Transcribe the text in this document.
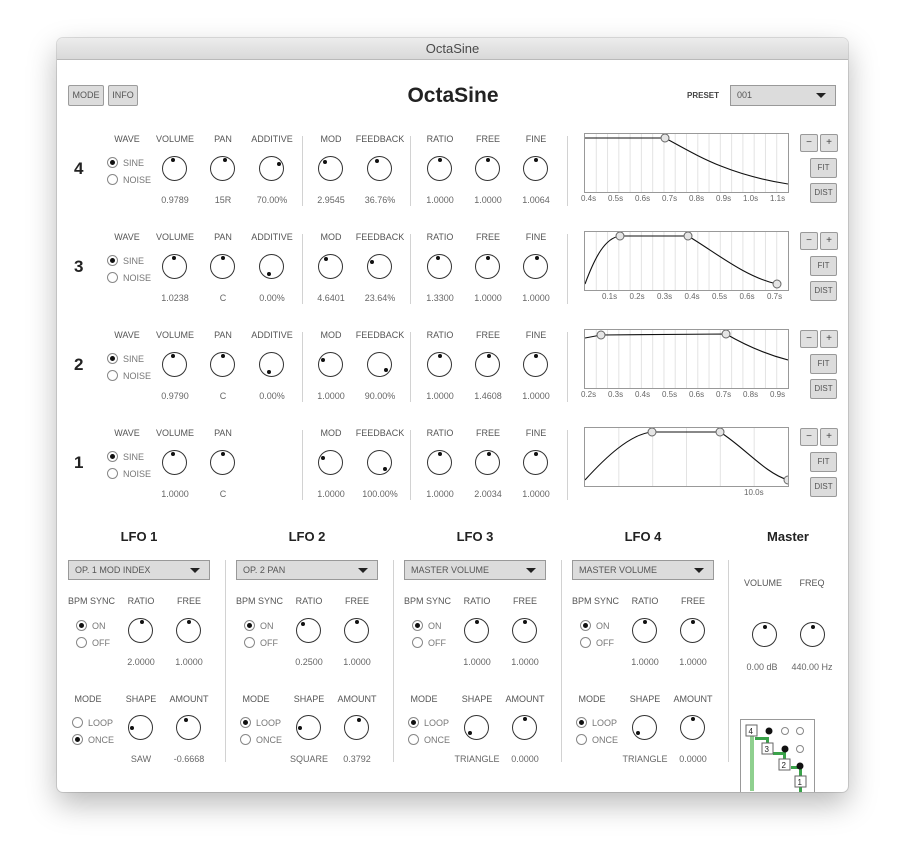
OctaSine
MODE	INFO	OctaSine	PRESET	001
4
WAVE
SINE
NOISE
VOLUME
0.9789
PAN
15R
ADDITIVE
70.00%
MOD
2.9545
FEEDBACK
36.76%
RATIO
1.0000
FREE
1.0000
FINE
1.0064	0.4s 0.5s 0.6s 0.7s 0.8s 0.9s 1.0s 1.1s
−	+
FIT
DIST
3
WAVE
SINE
NOISE
VOLUME
1.0238
PAN
C
ADDITIVE
0.00%
MOD
4.6401
FEEDBACK
23.64%
RATIO
1.3300
FREE
1.0000
FINE
1.0000	0.1s 0.2s 0.3s 0.4s 0.5s 0.6s 0.7s
−	+
FIT
DIST
2
WAVE
SINE
NOISE
VOLUME
0.9790
PAN
C
ADDITIVE
0.00%
MOD
1.0000
FEEDBACK
90.00%
RATIO
1.0000
FREE
1.4608
FINE
1.0000	0.2s 0.3s 0.4s 0.5s 0.6s 0.7s 0.8s 0.9s
−	+
FIT
DIST
1
WAVE
SINE
NOISE
VOLUME
1.0000
PAN
C
MOD
1.0000
FEEDBACK
100.00%
RATIO
1.0000
FREE
2.0034
FINE
1.0000	10.0s
−	+
FIT
DIST
LFO 1
OP. 1 MOD INDEX
BPM SYNC RATIO	FREE
ON
OFF
2.0000	1.0000
MODE	SHAPE	AMOUNT
LOOP
ONCE
SAW	-0.6668
LFO 2
OP. 2 PAN
BPM SYNC RATIO	FREE
ON
OFF
0.2500	1.0000
MODE	SHAPE	AMOUNT
LOOP
ONCE
SQUARE	0.3792
LFO 3
MASTER VOLUME
BPM SYNC RATIO	FREE
ON
OFF
1.0000	1.0000
MODE	SHAPE	AMOUNT
LOOP
ONCE
TRIANGLE	0.0000
LFO 4
MASTER VOLUME
BPM SYNC RATIO	FREE
ON
OFF
1.0000	1.0000
MODE	SHAPE	AMOUNT
LOOP
ONCE
TRIANGLE	0.0000
Master
VOLUME	FREQ
0.00 dB	440.00 Hz
4
3
2
1
